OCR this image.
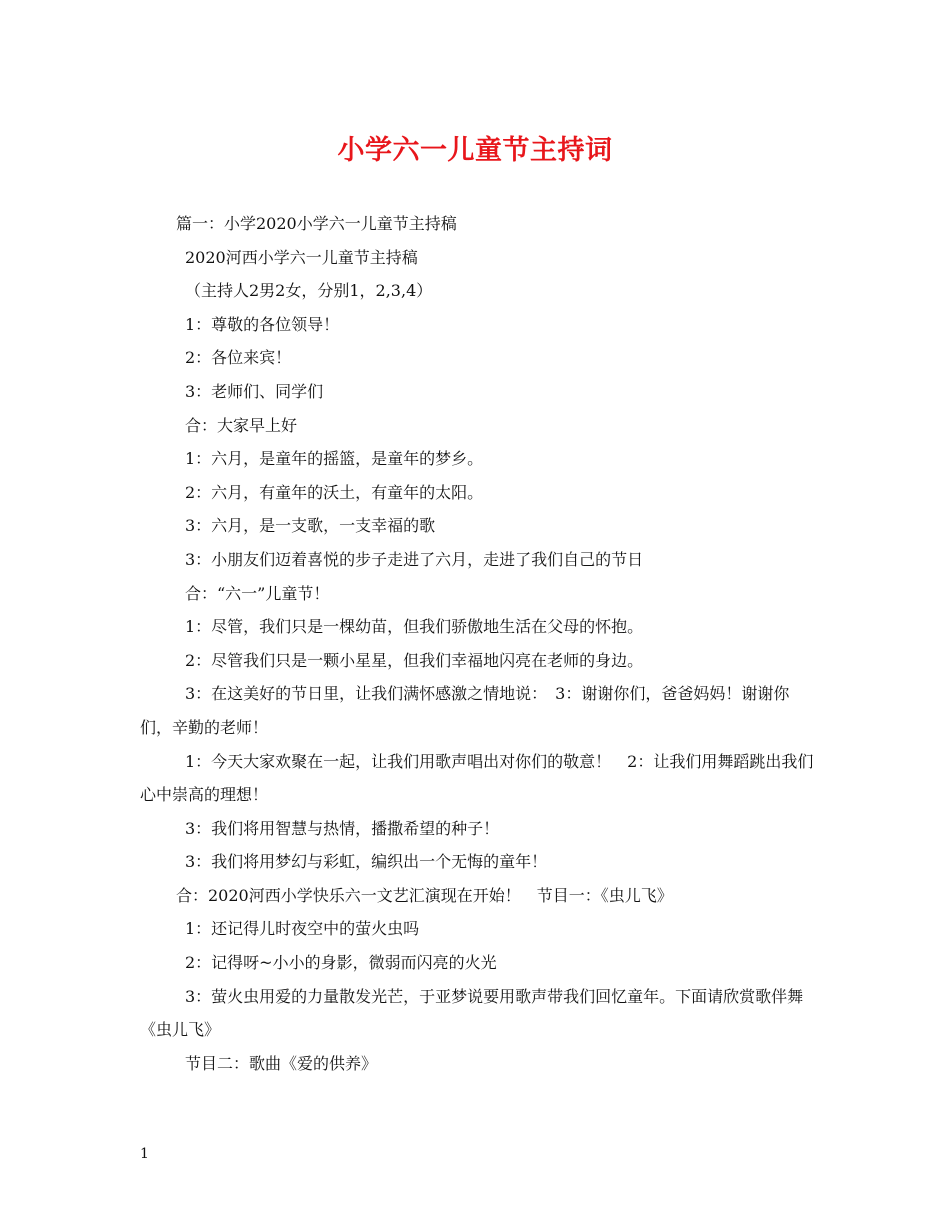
小学六一儿童节主持词

篇一：小学2020小学六一儿童节主持稿

2020河西小学六一儿童节主持稿

（主持人2男2女，分别1，2,3,4）

1：尊敬的各位领导！

2：各位来宾！

3：老师们、同学们

合：大家早上好

1：六月，是童年的摇篮，是童年的梦乡。

2：六月，有童年的沃土，有童年的太阳。

3：六月，是一支歌，一支幸福的歌

3：小朋友们迈着喜悦的步子走进了六月，走进了我们自己的节日

合：“六一”儿童节！

1：尽管，我们只是一棵幼苗，但我们骄傲地生活在父母的怀抱。

2：尽管我们只是一颗小星星，但我们幸福地闪亮在老师的身边。

3：在这美好的节日里，让我们满怀感激之情地说：　3：谢谢你们，爸爸妈妈！谢谢你们，辛勤的老师！

1：今天大家欢聚在一起，让我们用歌声唱出对你们的敬意！　2：让我们用舞蹈跳出我们心中崇高的理想！

3：我们将用智慧与热情，播撒希望的种子！

3：我们将用梦幻与彩虹，编织出一个无悔的童年！

合：2020河西小学快乐六一文艺汇演现在开始！　节目一：《虫儿飞》

1：还记得儿时夜空中的萤火虫吗

2：记得呀~小小的身影，微弱而闪亮的火光

3：萤火虫用爱的力量散发光芒，于亚梦说要用歌声带我们回忆童年。下面请欣赏歌伴舞《虫儿飞》

节目二：歌曲《爱的供养》

1
